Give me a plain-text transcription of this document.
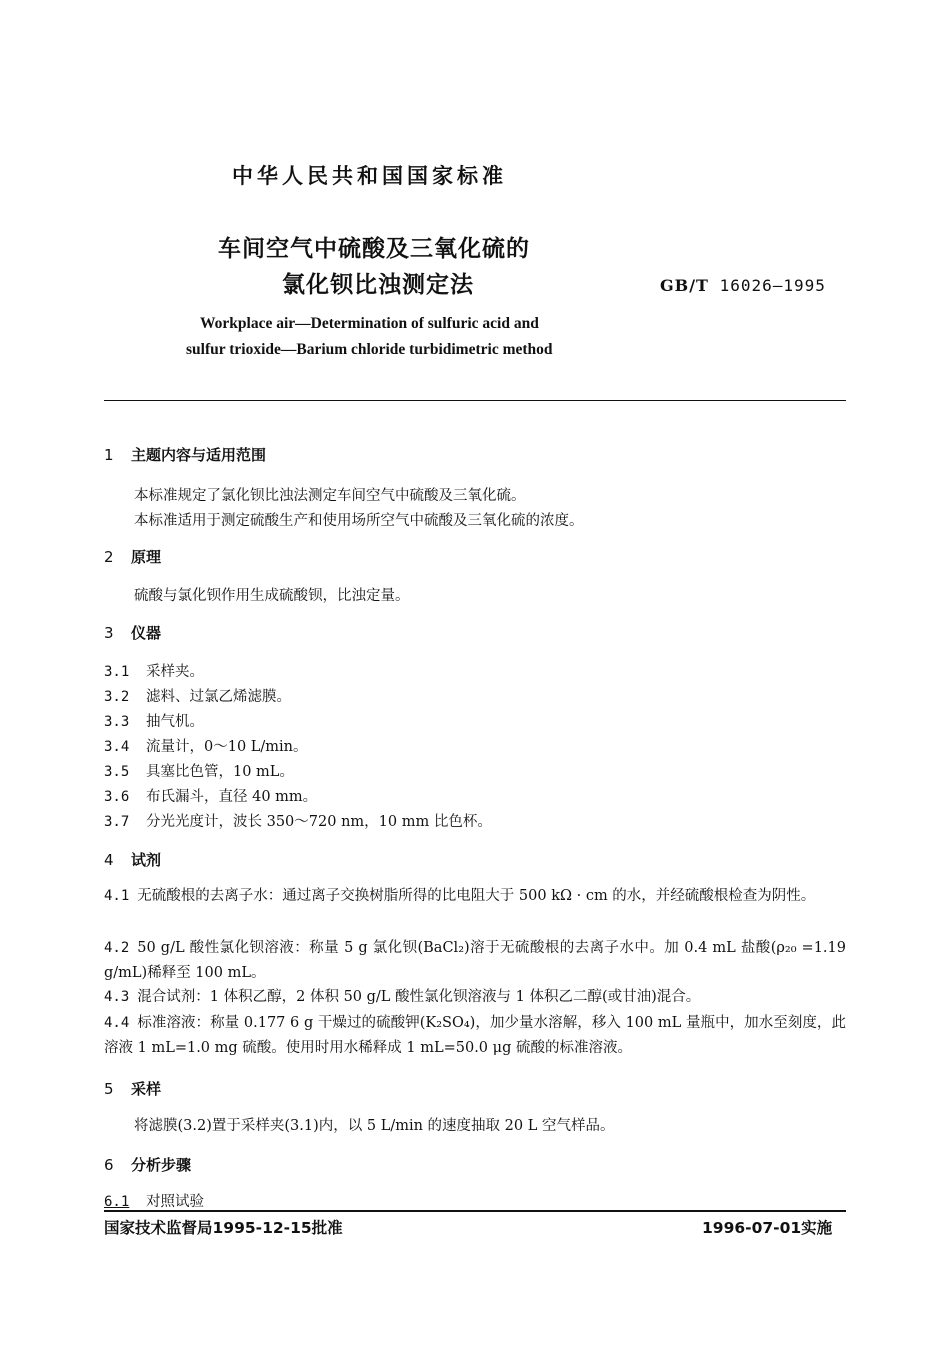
中华人民共和国国家标准
车间空气中硫酸及三氧化硫的
氯化钡比浊测定法	GB/T 16026—1995
Workplace air—Determination of sulfuric acid and
sulfur trioxide—Barium chloride turbidimetric method
1 主题内容与适用范围
本标准规定了氯化钡比浊法测定车间空气中硫酸及三氧化硫。
本标准适用于测定硫酸生产和使用场所空气中硫酸及三氧化硫的浓度。
2 原理
硫酸与氯化钡作用生成硫酸钡，比浊定量。
3 仪器
3.1 采样夹。
3.2 滤料、过氯乙烯滤膜。
3.3 抽气机。
3.4 流量计，0～10 L/min。
3.5 具塞比色管，10 mL。
3.6 布氏漏斗，直径 40 mm。
3.7 分光光度计，波长 350～720 nm，10 mm 比色杯。
4 试剂
4.1 无硫酸根的去离子水：通过离子交换树脂所得的比电阻大于 500 kΩ · cm 的水，并经硫酸根检查为阴性。
4.2 50 g/L 酸性氯化钡溶液：称量 5 g 氯化钡(BaCl₂)溶于无硫酸根的去离子水中。加 0.4 mL 盐酸(ρ₂₀ =1.19 g/mL)稀释至 100 mL。
4.3 混合试剂：1 体积乙醇，2 体积 50 g/L 酸性氯化钡溶液与 1 体积乙二醇(或甘油)混合。
4.4 标准溶液：称量 0.177 6 g 干燥过的硫酸钾(K₂SO₄)，加少量水溶解，移入 100 mL 量瓶中，加水至刻度，此溶液 1 mL=1.0 mg 硫酸。使用时用水稀释成 1 mL=50.0 μg 硫酸的标准溶液。
5 采样
将滤膜(3.2)置于采样夹(3.1)内，以 5 L/min 的速度抽取 20 L 空气样品。
6 分析步骤
6.1 对照试验
国家技术监督局1995-12-15批准	1996-07-01实施
